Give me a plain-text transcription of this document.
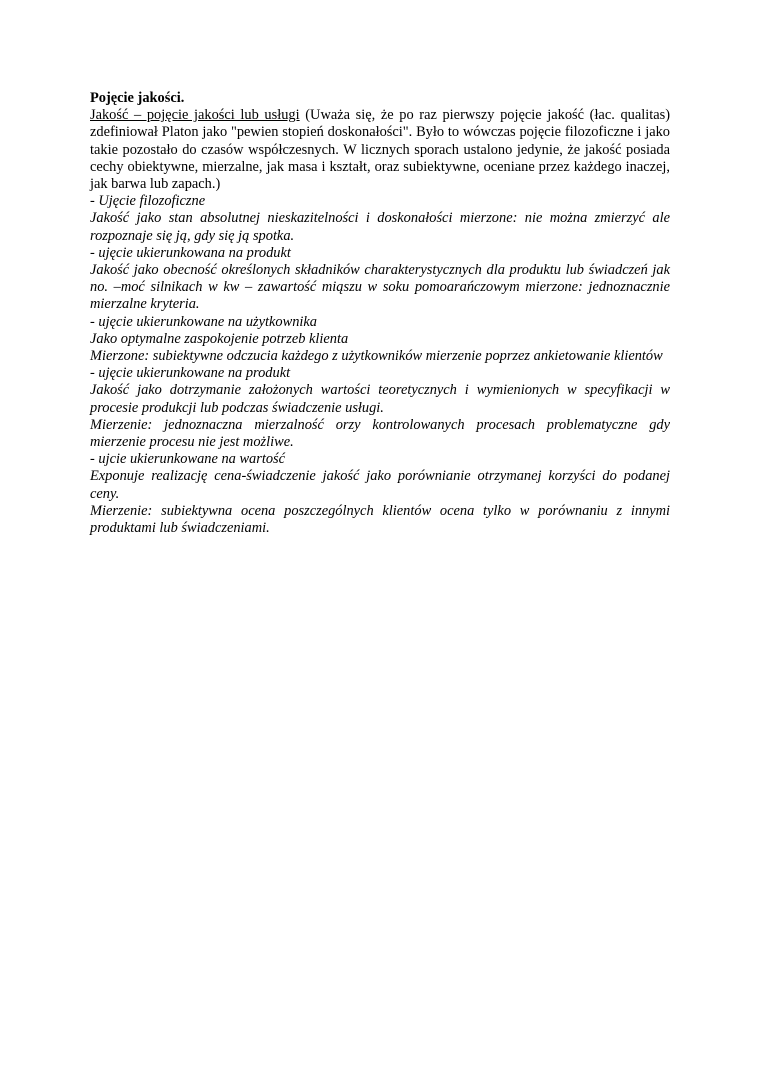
Pojęcie jakości.

Jakość – pojęcie jakości lub usługi (Uważa się, że po raz pierwszy pojęcie jakość (łac. qualitas) zdefiniował Platon jako "pewien stopień doskonałości". Było to wówczas pojęcie filozoficzne i jako takie pozostało do czasów współczesnych. W licznych sporach ustalono jedynie, że jakość posiada cechy obiektywne, mierzalne, jak masa i kształt, oraz subiektywne, oceniane przez każdego inaczej, jak barwa lub zapach.)

- Ujęcie filozoficzne

Jakość jako stan absolutnej nieskazitelności i doskonałości mierzone: nie można zmierzyć ale rozpoznaje się ją, gdy się ją spotka.

- ujęcie ukierunkowana na produkt

Jakość jako obecność określonych składników charakterystycznych dla produktu lub świadczeń jak no. –moć silnikach w kw – zawartość miąszu w soku pomoarańczowym mierzone: jednoznacznie mierzalne kryteria.

- ujęcie ukierunkowane na użytkownika

Jako optymalne zaspokojenie potrzeb klienta

Mierzone: subiektywne odczucia każdego z użytkowników mierzenie poprzez ankietowanie klientów

- ujęcie ukierunkowane na produkt

Jakość jako dotrzymanie założonych wartości teoretycznych i wymienionych w specyfikacji w procesie produkcji lub podczas świadczenie usługi.

Mierzenie: jednoznaczna mierzalność orzy kontrolowanych procesach problematyczne gdy mierzenie procesu nie jest możliwe.

- ujcie ukierunkowane na wartość

Exponuje realizację cena-świadczenie jakość jako porównianie otrzymanej korzyści do podanej ceny.

Mierzenie: subiektywna ocena poszczególnych klientów ocena tylko w porównaniu z innymi produktami lub świadczeniami.
